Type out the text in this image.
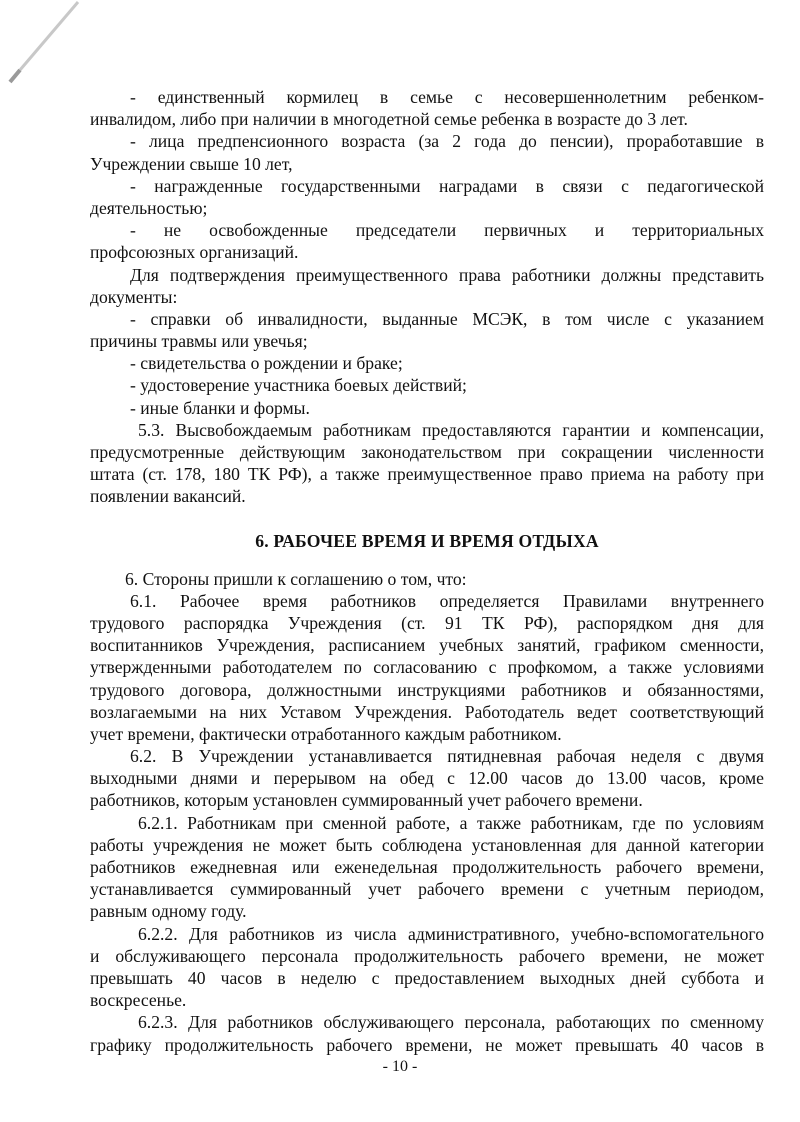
- единственный кормилец в семье с несовершеннолетним ребенком-
инвалидом, либо при наличии в многодетной семье ребенка в возрасте до 3 лет.
- лица предпенсионного возраста (за 2 года до пенсии), проработавшие в
Учреждении свыше 10 лет,
- награжденные государственными наградами в связи с педагогической
деятельностью;
- не освобожденные председатели первичных и территориальных
профсоюзных организаций.
Для подтверждения преимущественного права работники должны представить
документы:
- справки об инвалидности, выданные МСЭК, в том числе с указанием
причины травмы или увечья;
- свидетельства о рождении и браке;
- удостоверение участника боевых действий;
- иные бланки и формы.
5.3. Высвобождаемым работникам предоставляются гарантии и компенсации,
предусмотренные действующим законодательством при сокращении численности
штата (ст. 178, 180 ТК РФ), а также преимущественное право приема на работу при
появлении вакансий.
6. РАБОЧЕЕ ВРЕМЯ И ВРЕМЯ ОТДЫХА
6. Стороны пришли к соглашению о том, что:
6.1. Рабочее время работников определяется Правилами внутреннего
трудового распорядка Учреждения (ст. 91 ТК РФ), распорядком дня для
воспитанников Учреждения, расписанием учебных занятий, графиком сменности,
утвержденными работодателем по согласованию с профкомом, а также условиями
трудового договора, должностными инструкциями работников и обязанностями,
возлагаемыми на них Уставом Учреждения. Работодатель ведет соответствующий
учет времени, фактически отработанного каждым работником.
6.2. В Учреждении устанавливается пятидневная рабочая неделя с двумя
выходными днями и перерывом на обед с 12.00 часов до 13.00 часов, кроме
работников, которым установлен суммированный учет рабочего времени.
6.2.1. Работникам при сменной работе, а также работникам, где по условиям
работы учреждения не может быть соблюдена установленная для данной категории
работников ежедневная или еженедельная продолжительность рабочего времени,
устанавливается суммированный учет рабочего времени с учетным периодом,
равным одному году.
6.2.2. Для работников из числа административного, учебно-вспомогательного
и обслуживающего персонала продолжительность рабочего времени, не может
превышать 40 часов в неделю с предоставлением выходных дней суббота и
воскресенье.
6.2.3. Для работников обслуживающего персонала, работающих по сменному
графику продолжительность рабочего времени, не может превышать 40 часов в
- 10 -
